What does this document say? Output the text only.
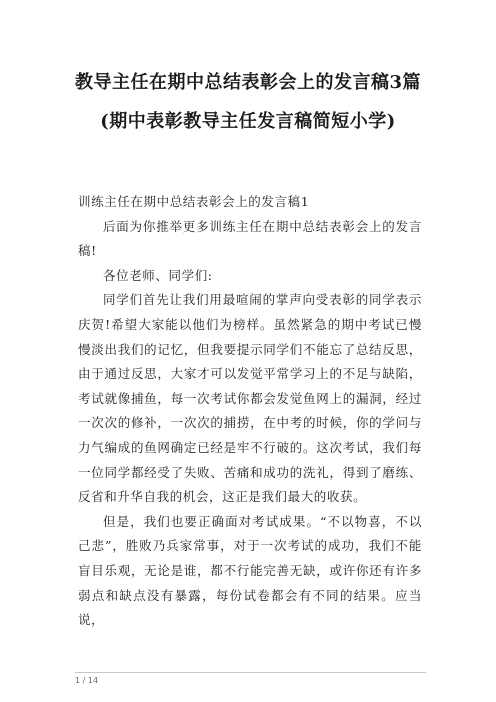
教导主任在期中总结表彰会上的发言稿3篇
(期中表彰教导主任发言稿简短小学)

训练主任在期中总结表彰会上的发言稿1

后面为你推举更多训练主任在期中总结表彰会上的发言稿!

各位老师、同学们:

同学们首先让我们用最喧闹的掌声向受表彰的同学表示庆贺!希望大家能以他们为榜样。虽然紧急的期中考试已慢慢淡出我们的记忆，但我要提示同学们不能忘了总结反思，由于通过反思，大家才可以发觉平常学习上的不足与缺陷，考试就像捕鱼，每一次考试你都会发觉鱼网上的漏洞，经过一次次的修补，一次次的捕捞，在中考的时候，你的学问与力气编成的鱼网确定已经是牢不行破的。这次考试，我们每一位同学都经受了失败、苦痛和成功的洗礼，得到了磨练、反省和升华自我的机会，这正是我们最大的收获。

但是，我们也要正确面对考试成果。“不以物喜，不以己悲”，胜败乃兵家常事，对于一次考试的成功，我们不能盲目乐观，无论是谁，都不行能完善无缺，或许你还有许多弱点和缺点没有暴露，每份试卷都会有不同的结果。应当说，

1 / 14
